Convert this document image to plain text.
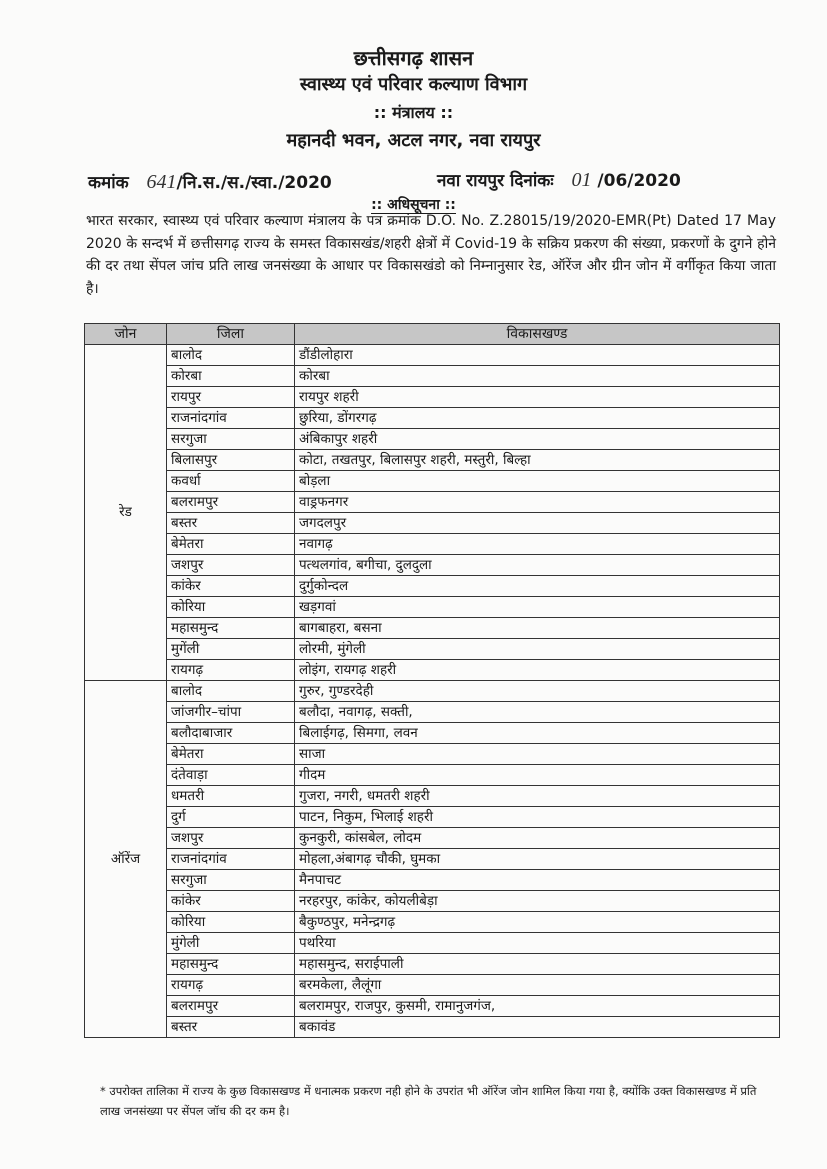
छत्तीसगढ़ शासन
स्वास्थ्य एवं परिवार कल्याण विभाग
:: मंत्रालय ::
महानदी भवन, अटल नगर, नवा रायपुर
कमांक 641/नि.स./स./स्वा./2020	नवा रायपुर दिनांकः 01 /06/2020
:: अधिसूचना ::
भारत सरकार, स्वास्थ्य एवं परिवार कल्याण मंत्रालय के पत्र क्रमांक D.O. No. Z.28015/19/2020-EMR(Pt) Dated 17 May 2020 के सन्दर्भ में छत्तीसगढ़ राज्य के समस्त विकासखंड/शहरी क्षेत्रों में Covid-19 के सक्रिय प्रकरण की संख्या, प्रकरणों के दुगने होने की दर तथा सेंपल जांच प्रति लाख जनसंख्या के आधार पर विकासखंडो को निम्नानुसार रेड, ऑरेंज और ग्रीन जोन में वर्गीकृत किया जाता है।
जोन	जिला	विकासखण्ड
रेड	बालोद	डौंडीलोहारा
	कोरबा	कोरबा
	रायपुर	रायपुर शहरी
	राजनांदगांव	छुरिया, डोंगरगढ़
	सरगुजा	अंबिकापुर शहरी
	बिलासपुर	कोटा, तखतपुर, बिलासपुर शहरी, मस्तुरी, बिल्हा
	कवर्धा	बोड़ला
	बलरामपुर	वाड्रफनगर
	बस्तर	जगदलपुर
	बेमेतरा	नवागढ़
	जशपुर	पत्थलगांव, बगीचा, दुलदुला
	कांकेर	दुर्गुकोन्दल
	कोरिया	खड़गवां
	महासमुन्द	बागबाहरा, बसना
	मुगेंली	लोरमी, मुंगेली
	रायगढ़	लोइंग, रायगढ़ शहरी
ऑरेंज	बालोद	गुरुर, गुण्डरदेही
	जांजगीर–चांपा	बलौदा, नवागढ़, सक्ती,
	बलौदाबाजार	बिलाईगढ़, सिमगा, लवन
	बेमेतरा	साजा
	दंतेवाड़ा	गीदम
	धमतरी	गुजरा, नगरी, धमतरी शहरी
	दुर्ग	पाटन, निकुम, भिलाई शहरी
	जशपुर	कुनकुरी, कांसबेल, लोदम
	राजनांदगांव	मोहला,अंबागढ़ चौकी, घुमका
	सरगुजा	मैनपाचट
	कांकेर	नरहरपुर, कांकेर, कोयलीबेड़ा
	कोरिया	बैकुण्ठपुर, मनेन्द्रगढ़
	मुंगेली	पथरिया
	महासमुन्द	महासमुन्द, सराईपाली
	रायगढ़	बरमकेला, लैलूंगा
	बलरामपुर	बलरामपुर, राजपुर, कुसमी, रामानुजगंज,
	बस्तर	बकावंड
* उपरोक्त तालिका में राज्य के कुछ विकासखण्ड में धनात्मक प्रकरण नही होने के उपरांत भी ऑरेंज जोन शामिल किया गया है, क्योंकि उक्त विकासखण्ड में प्रति लाख जनसंख्या पर सेंपल जॉच की दर कम है।
